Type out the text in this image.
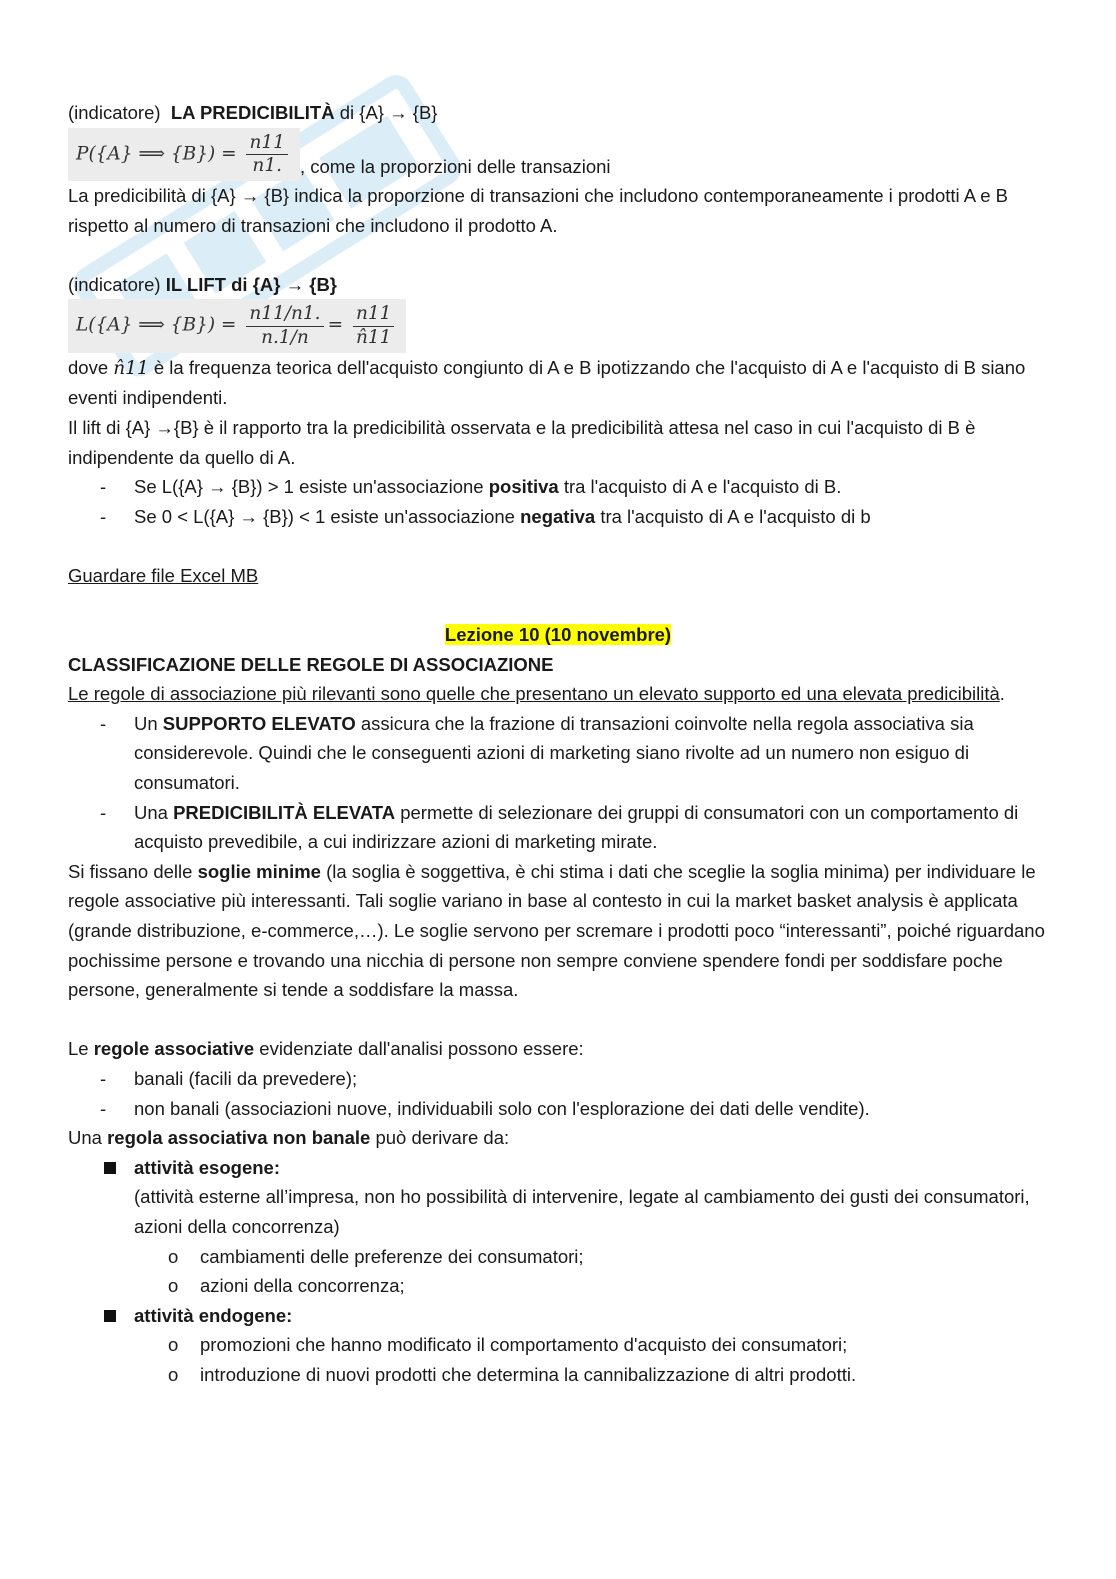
(indicatore) LA PREDICIBILITÀ di {A} → {B}

P({A} ⟹ $\{B\}) = \frac{n11}{n1.}$ , come la proporzioni delle transazioni

La predicibilità di {A} → {B} indica la proporzione di transazioni che includono contemporaneamente i prodotti A e B rispetto al numero di transazioni che includono il prodotto A.

(indicatore) IL LIFT di {A} → {B}

L({A} ⟹ $\{B\}) = \frac{n11/n1.}{n.1/n} = \frac{n11}{n̂11}$

dove n̂11 è la frequenza teorica dell'acquisto congiunto di A e B ipotizzando che l'acquisto di A e l'acquisto di B siano eventi indipendenti.

Il lift di {A} →{B} è il rapporto tra la predicibilità osservata e la predicibilità attesa nel caso in cui l'acquisto di B è indipendente da quello di A.

- Se L({A} → {B}) > 1 esiste un'associazione positiva tra l'acquisto di A e l'acquisto di B.
- Se 0 < L({A} → {B}) < 1 esiste un'associazione negativa tra l'acquisto di A e l'acquisto di b

Guardare file Excel MB

Lezione 10 (10 novembre)

CLASSIFICAZIONE DELLE REGOLE DI ASSOCIAZIONE

Le regole di associazione più rilevanti sono quelle che presentano un elevato supporto ed una elevata predicibilità.

- Un SUPPORTO ELEVATO assicura che la frazione di transazioni coinvolte nella regola associativa sia considerevole. Quindi che le conseguenti azioni di marketing siano rivolte ad un numero non esiguo di consumatori.
- Una PREDICIBILITÀ ELEVATA permette di selezionare dei gruppi di consumatori con un comportamento di acquisto prevedibile, a cui indirizzare azioni di marketing mirate.

Si fissano delle soglie minime (la soglia è soggettiva, è chi stima i dati che sceglie la soglia minima) per individuare le regole associative più interessanti. Tali soglie variano in base al contesto in cui la market basket analysis è applicata (grande distribuzione, e-commerce,…). Le soglie servono per scremare i prodotti poco “interessanti”, poiché riguardano pochissime persone e trovando una nicchia di persone non sempre conviene spendere fondi per soddisfare poche persone, generalmente si tende a soddisfare la massa.

Le regole associative evidenziate dall'analisi possono essere:

- banali (facili da prevedere);
- non banali (associazioni nuove, individuabili solo con l'esplorazione dei dati delle vendite).

Una regola associativa non banale può derivare da:

attività esogene:
(attività esterne all’impresa, non ho possibilità di intervenire, legate al cambiamento dei gusti dei consumatori, azioni della concorrenza)
o cambiamenti delle preferenze dei consumatori;
o azioni della concorrenza;
attività endogene:
o promozioni che hanno modificato il comportamento d'acquisto dei consumatori;
o introduzione di nuovi prodotti che determina la cannibalizzazione di altri prodotti.
